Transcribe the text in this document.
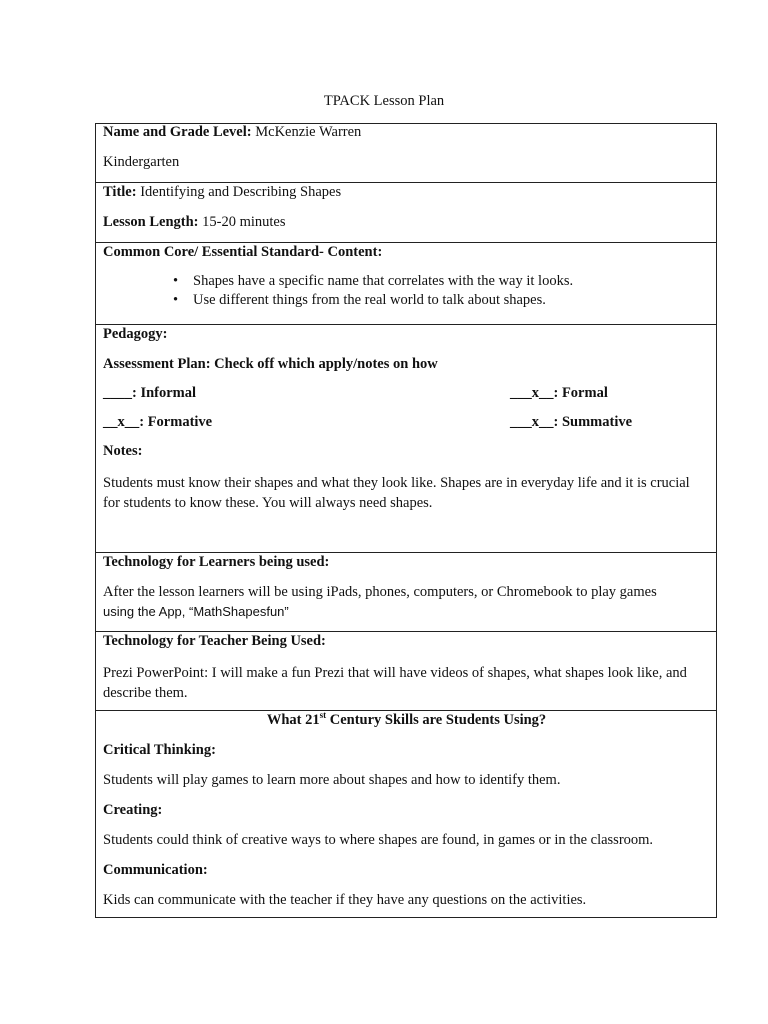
TPACK Lesson Plan

Name and Grade Level: McKenzie Warren

Kindergarten

Title: Identifying and Describing Shapes

Lesson Length: 15-20 minutes

Common Core/ Essential Standard- Content:

• Shapes have a specific name that correlates with the way it looks.
• Use different things from the real world to talk about shapes.

Pedagogy:

Assessment Plan: Check off which apply/notes on how

____: Informal	___x__: Formal
__x__: Formative	___x__: Summative

Notes:

Students must know their shapes and what they look like. Shapes are in everyday life and it is crucial for students to know these. You will always need shapes.

Technology for Learners being used:

After the lesson learners will be using iPads, phones, computers, or Chromebook to play games

using the App, “MathShapesfun”

Technology for Teacher Being Used:

Prezi PowerPoint: I will make a fun Prezi that will have videos of shapes, what shapes look like, and describe them.

What 21st Century Skills are Students Using?

Critical Thinking:

Students will play games to learn more about shapes and how to identify them.

Creating:

Students could think of creative ways to where shapes are found, in games or in the classroom.

Communication:

Kids can communicate with the teacher if they have any questions on the activities.
